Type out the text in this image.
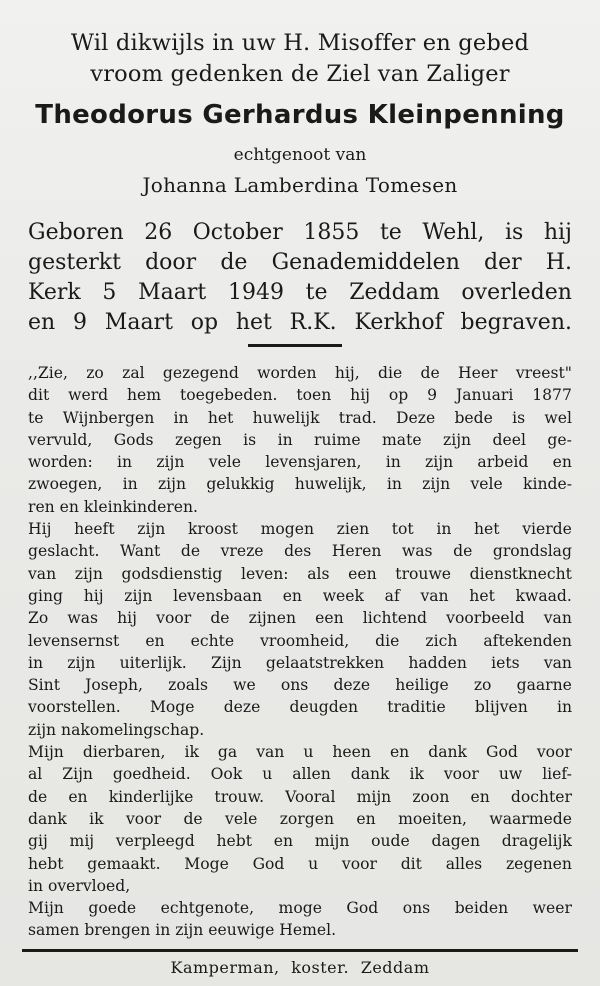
Wil dikwijls in uw H. Misoffer en gebed
vroom gedenken de Ziel van Zaliger
Theodorus Gerhardus Kleinpenning
echtgenoot van
Johanna Lamberdina Tomesen
Geboren 26 October 1855 te Wehl, is hij
gesterkt door de Genademiddelen der H.
Kerk 5 Maart 1949 te Zeddam overleden
en 9 Maart op het R.K. Kerkhof begraven.
,,Zie, zo zal gezegend worden hij, die de Heer vreest"
dit werd hem toegebeden. toen hij op 9 Januari 1877
te Wijnbergen in het huwelijk trad. Deze bede is wel
vervuld, Gods zegen is in ruime mate zijn deel ge-
worden: in zijn vele levensjaren, in zijn arbeid en
zwoegen, in zijn gelukkig huwelijk, in zijn vele kinde-
ren en kleinkinderen.
Hij heeft zijn kroost mogen zien tot in het vierde
geslacht. Want de vreze des Heren was de grondslag
van zijn godsdienstig leven: als een trouwe dienstknecht
ging hij zijn levensbaan en week af van het kwaad.
Zo was hij voor de zijnen een lichtend voorbeeld van
levensernst en echte vroomheid, die zich aftekenden
in zijn uiterlijk. Zijn gelaatstrekken hadden iets van
Sint Joseph, zoals we ons deze heilige zo gaarne
voorstellen. Moge deze deugden traditie blijven in
zijn nakomelingschap.
Mijn dierbaren, ik ga van u heen en dank God voor
al Zijn goedheid. Ook u allen dank ik voor uw lief-
de en kinderlijke trouw. Vooral mijn zoon en dochter
dank ik voor de vele zorgen en moeiten, waarmede
gij mij verpleegd hebt en mijn oude dagen dragelijk
hebt gemaakt. Moge God u voor dit alles zegenen
in overvloed,
Mijn goede echtgenote, moge God ons beiden weer
samen brengen in zijn eeuwige Hemel.
Kamperman, koster. Zeddam
